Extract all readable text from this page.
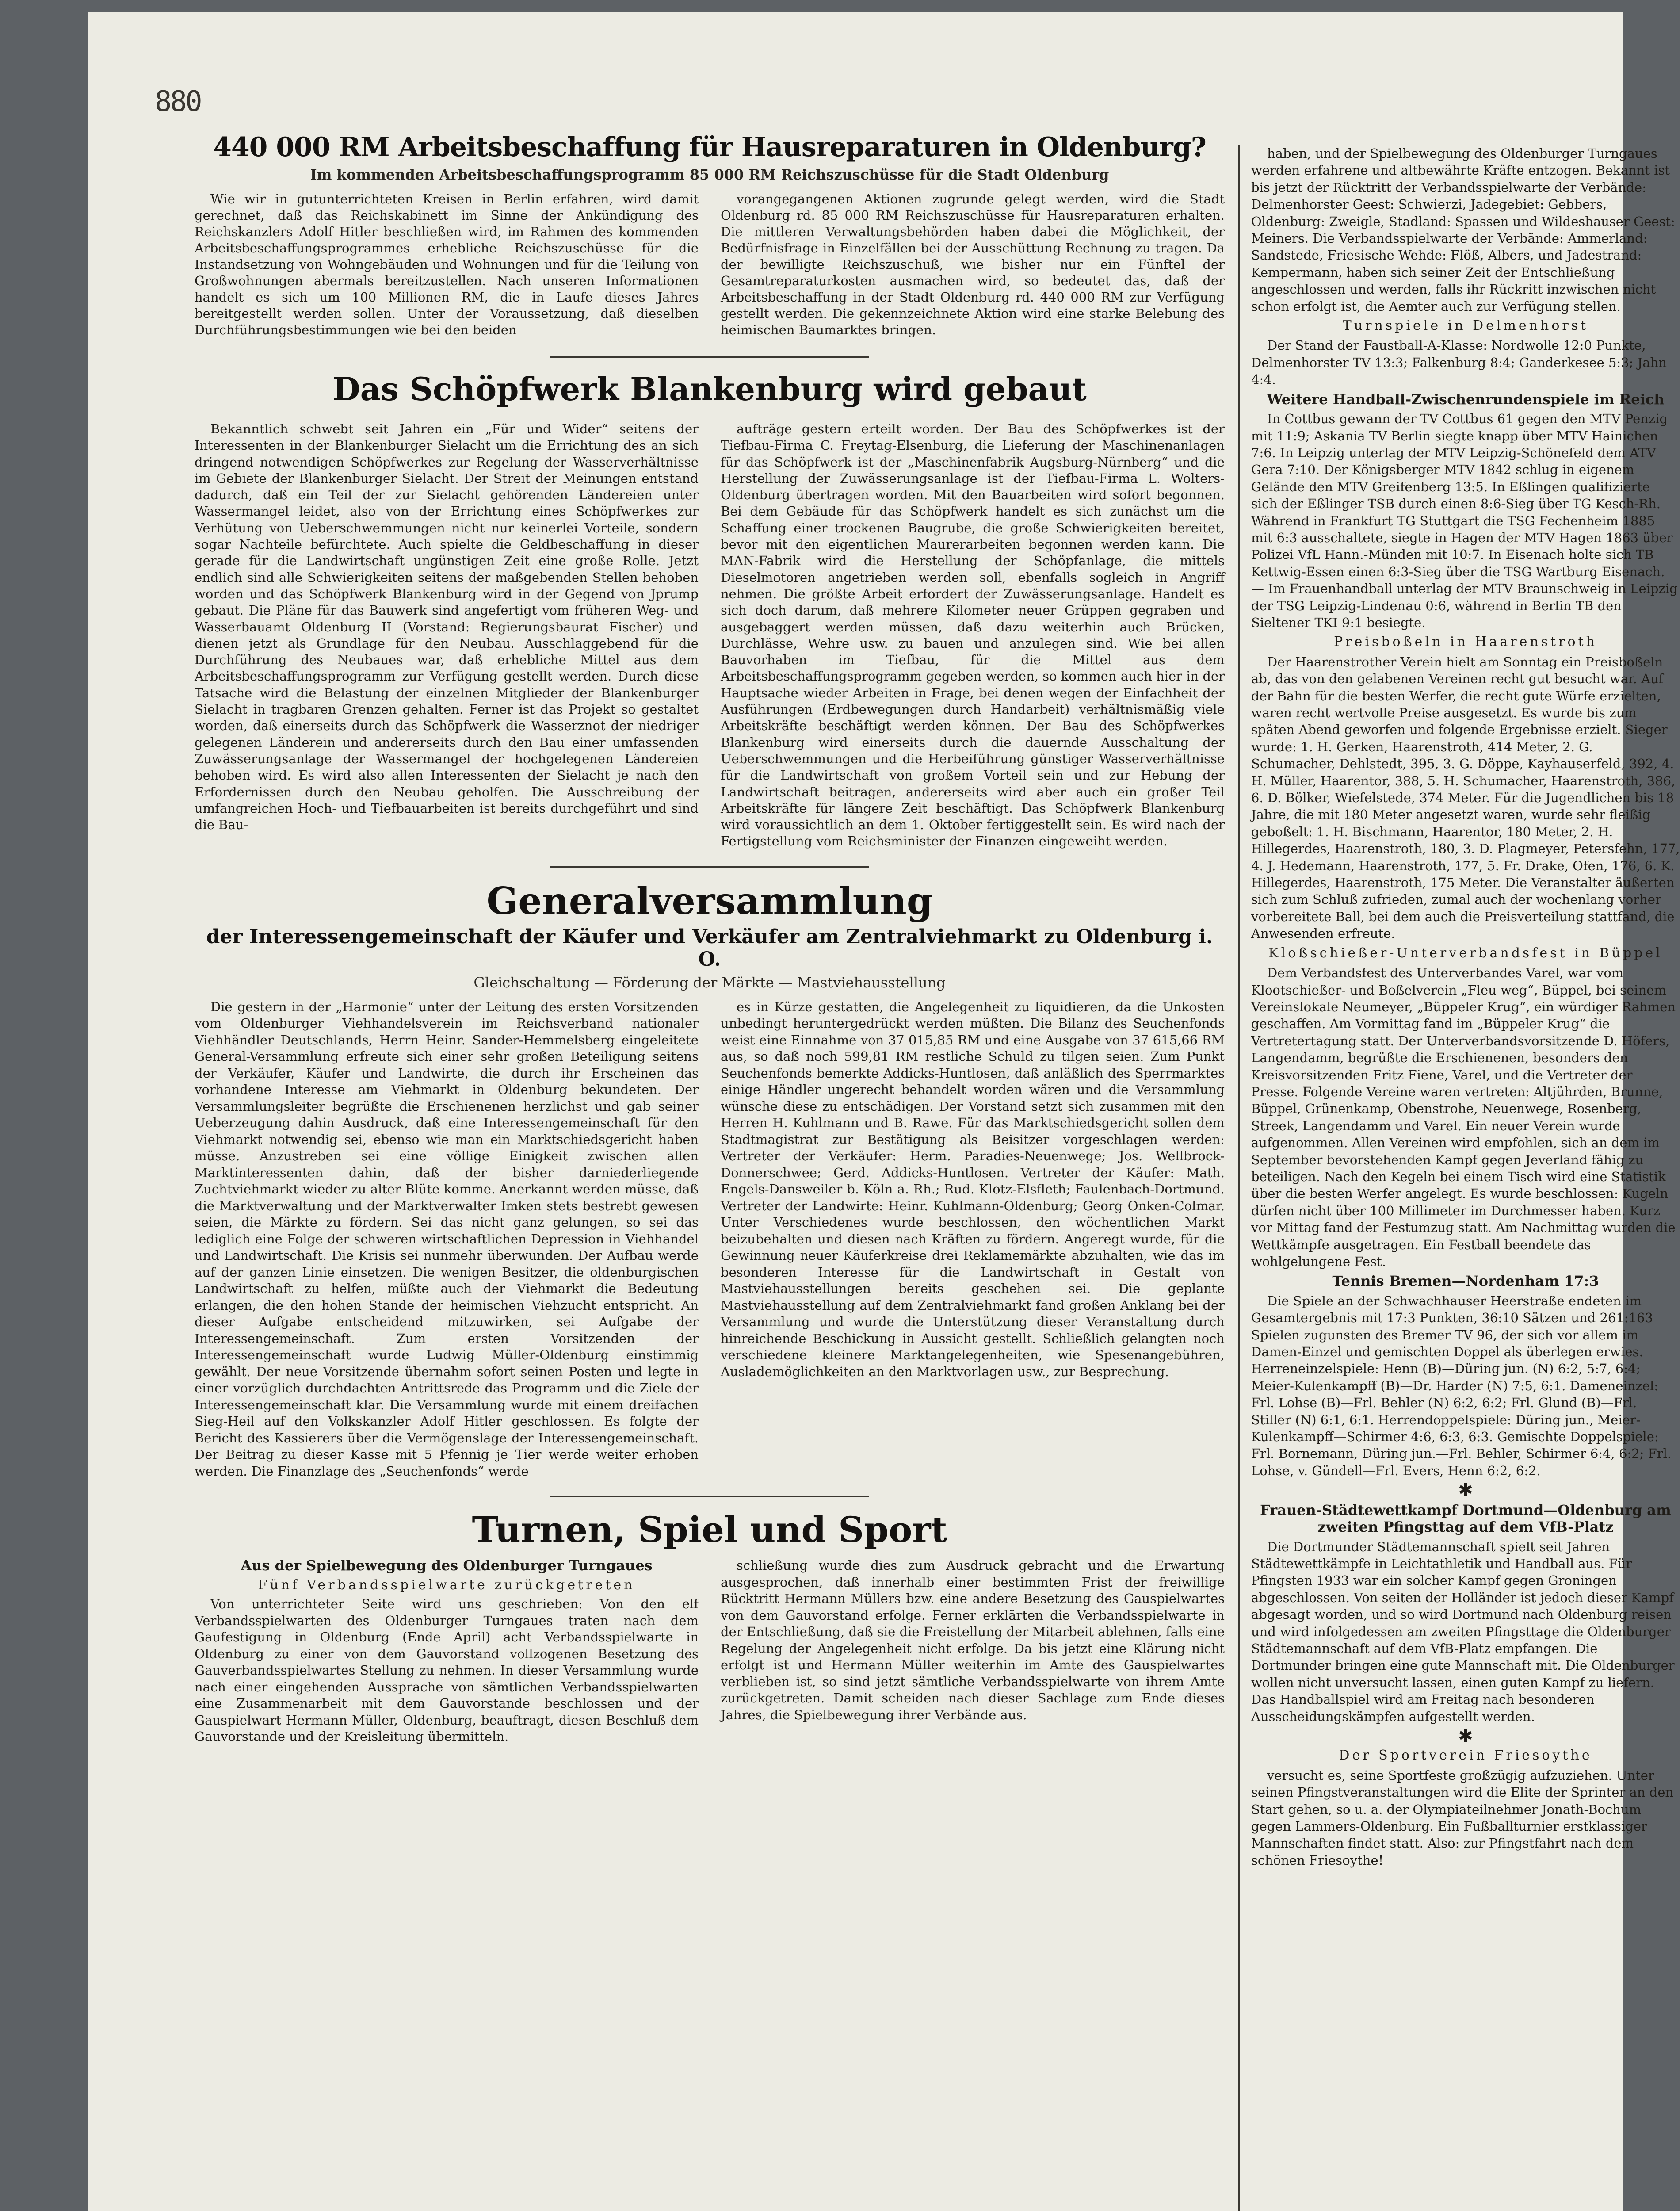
880
440 000 RM Arbeitsbeschaffung für Hausreparaturen in Oldenburg?
Im kommenden Arbeitsbeschaffungsprogramm 85 000 RM Reichszuschüsse für die Stadt Oldenburg

Wie wir in gutunterrichteten Kreisen in Berlin erfahren, wird damit gerechnet, daß das Reichskabinett im Sinne der Ankündigung des Reichskanzlers Adolf Hitler beschließen wird, im Rahmen des kommenden Arbeitsbeschaffungsprogrammes erhebliche Reichszuschüsse für die Instandsetzung von Wohngebäuden und Wohnungen und für die Teilung von Großwohnungen abermals bereitzustellen. Nach unseren Informationen handelt es sich um 100 Millionen RM, die in Laufe dieses Jahres bereitgestellt werden sollen. Unter der Voraussetzung, daß dieselben Durchführungsbestimmungen wie bei den beiden

vorangegangenen Aktionen zugrunde gelegt werden, wird die Stadt Oldenburg rd. 85 000 RM Reichszuschüsse für Hausreparaturen erhalten. Die mittleren Verwaltungsbehörden haben dabei die Möglichkeit, der Bedürfnisfrage in Einzelfällen bei der Ausschüttung Rechnung zu tragen. Da der bewilligte Reichszuschuß, wie bisher nur ein Fünftel der Gesamtreparaturkosten ausmachen wird, so bedeutet das, daß der Arbeitsbeschaffung in der Stadt Oldenburg rd. 440 000 RM zur Verfügung gestellt werden. Die gekennzeichnete Aktion wird eine starke Belebung des heimischen Baumarktes bringen.

Das Schöpfwerk Blankenburg wird gebaut

Bekanntlich schwebt seit Jahren ein „Für und Wider“ seitens der Interessenten in der Blankenburger Sielacht um die Errichtung des an sich dringend notwendigen Schöpfwerkes zur Regelung der Wasserverhältnisse im Gebiete der Blankenburger Sielacht. Der Streit der Meinungen entstand dadurch, daß ein Teil der zur Sielacht gehörenden Ländereien unter Wassermangel leidet, also von der Errichtung eines Schöpfwerkes zur Verhütung von Ueberschwemmungen nicht nur keinerlei Vorteile, sondern sogar Nachteile befürchtete. Auch spielte die Geldbeschaffung in dieser gerade für die Landwirtschaft ungünstigen Zeit eine große Rolle. Jetzt endlich sind alle Schwierigkeiten seitens der maßgebenden Stellen behoben worden und das Schöpfwerk Blankenburg wird in der Gegend von Jprump gebaut. Die Pläne für das Bauwerk sind angefertigt vom früheren Weg- und Wasserbauamt Oldenburg II (Vorstand: Regierungsbaurat Fischer) und dienen jetzt als Grundlage für den Neubau. Ausschlaggebend für die Durchführung des Neubaues war, daß erhebliche Mittel aus dem Arbeitsbeschaffungsprogramm zur Verfügung gestellt werden. Durch diese Tatsache wird die Belastung der einzelnen Mitglieder der Blankenburger Sielacht in tragbaren Grenzen gehalten. Ferner ist das Projekt so gestaltet worden, daß einerseits durch das Schöpfwerk die Wasserznot der niedriger gelegenen Länderein und andererseits durch den Bau einer umfassenden Zuwässerungsanlage der Wassermangel der hochgelegenen Ländereien behoben wird. Es wird also allen Interessenten der Sielacht je nach den Erfordernissen durch den Neubau geholfen. Die Ausschreibung der umfangreichen Hoch- und Tiefbauarbeiten ist bereits durchgeführt und sind die Bau-

aufträge gestern erteilt worden. Der Bau des Schöpfwerkes ist der Tiefbau-Firma C. Freytag-Elsenburg, die Lieferung der Maschinenanlagen für das Schöpfwerk ist der „Maschinenfabrik Augsburg-Nürnberg“ und die Herstellung der Zuwässerungsanlage ist der Tiefbau-Firma L. Wolters-Oldenburg übertragen worden. Mit den Bauarbeiten wird sofort begonnen. Bei dem Gebäude für das Schöpfwerk handelt es sich zunächst um die Schaffung einer trockenen Baugrube, die große Schwierigkeiten bereitet, bevor mit den eigentlichen Maurerarbeiten begonnen werden kann. Die MAN-Fabrik wird die Herstellung der Schöpfanlage, die mittels Dieselmotoren angetrieben werden soll, ebenfalls sogleich in Angriff nehmen. Die größte Arbeit erfordert der Zuwässerungsanlage. Handelt es sich doch darum, daß mehrere Kilometer neuer Grüppen gegraben und ausgebaggert werden müssen, daß dazu weiterhin auch Brücken, Durchlässe, Wehre usw. zu bauen und anzulegen sind. Wie bei allen Bauvorhaben im Tiefbau, für die Mittel aus dem Arbeitsbeschaffungsprogramm gegeben werden, so kommen auch hier in der Hauptsache wieder Arbeiten in Frage, bei denen wegen der Einfachheit der Ausführungen (Erdbewegungen durch Handarbeit) verhältnismäßig viele Arbeitskräfte beschäftigt werden können. Der Bau des Schöpfwerkes Blankenburg wird einerseits durch die dauernde Ausschaltung der Ueberschwemmungen und die Herbeiführung günstiger Wasserverhältnisse für die Landwirtschaft von großem Vorteil sein und zur Hebung der Landwirtschaft beitragen, andererseits wird aber auch ein großer Teil Arbeitskräfte für längere Zeit beschäftigt. Das Schöpfwerk Blankenburg wird voraussichtlich an dem 1. Oktober fertiggestellt sein. Es wird nach der Fertigstellung vom Reichsminister der Finanzen eingeweiht werden.

Generalversammlung
der Interessengemeinschaft der Käufer und Verkäufer am Zentralviehmarkt zu Oldenburg i. O.
Gleichschaltung — Förderung der Märkte — Mastviehausstellung

Die gestern in der „Harmonie“ unter der Leitung des ersten Vorsitzenden vom Oldenburger Viehhandelsverein im Reichsverband nationaler Viehhändler Deutschlands, Herrn Heinr. Sander-Hemmelsberg eingeleitete General-Versammlung erfreute sich einer sehr großen Beteiligung seitens der Verkäufer, Käufer und Landwirte, die durch ihr Erscheinen das vorhandene Interesse am Viehmarkt in Oldenburg bekundeten. Der Versammlungsleiter begrüßte die Erschienenen herzlichst und gab seiner Ueberzeugung dahin Ausdruck, daß eine Interessengemeinschaft für den Viehmarkt notwendig sei, ebenso wie man ein Marktschiedsgericht haben müsse. Anzustreben sei eine völlige Einigkeit zwischen allen Marktinteressenten dahin, daß der bisher darniederliegende Zuchtviehmarkt wieder zu alter Blüte komme. Anerkannt werden müsse, daß die Marktverwaltung und der Marktverwalter Imken stets bestrebt gewesen seien, die Märkte zu fördern. Sei das nicht ganz gelungen, so sei das lediglich eine Folge der schweren wirtschaftlichen Depression in Viehhandel und Landwirtschaft. Die Krisis sei nunmehr überwunden. Der Aufbau werde auf der ganzen Linie einsetzen. Die wenigen Besitzer, die oldenburgischen Landwirtschaft zu helfen, müßte auch der Viehmarkt die Bedeutung erlangen, die den hohen Stande der heimischen Viehzucht entspricht. An dieser Aufgabe entscheidend mitzuwirken, sei Aufgabe der Interessengemeinschaft. Zum ersten Vorsitzenden der Interessengemeinschaft wurde Ludwig Müller-Oldenburg einstimmig gewählt. Der neue Vorsitzende übernahm sofort seinen Posten und legte in einer vorzüglich durchdachten Antrittsrede das Programm und die Ziele der Interessengemeinschaft klar. Die Versammlung wurde mit einem dreifachen Sieg-Heil auf den Volkskanzler Adolf Hitler geschlossen. Es folgte der Bericht des Kassierers über die Vermögenslage der Interessengemeinschaft. Der Beitrag zu dieser Kasse mit 5 Pfennig je Tier werde weiter erhoben werden. Die Finanzlage des „Seuchenfonds“ werde

es in Kürze gestatten, die Angelegenheit zu liquidieren, da die Unkosten unbedingt heruntergedrückt werden müßten. Die Bilanz des Seuchenfonds weist eine Einnahme von 37 015,85 RM und eine Ausgabe von 37 615,66 RM aus, so daß noch 599,81 RM restliche Schuld zu tilgen seien. Zum Punkt Seuchenfonds bemerkte Addicks-Huntlosen, daß anläßlich des Sperrmarktes einige Händler ungerecht behandelt worden wären und die Versammlung wünsche diese zu entschädigen. Der Vorstand setzt sich zusammen mit den Herren H. Kuhlmann und B. Rawe. Für das Marktschiedsgericht sollen dem Stadtmagistrat zur Bestätigung als Beisitzer vorgeschlagen werden: Vertreter der Verkäufer: Herm. Paradies-Neuenwege; Jos. Wellbrock-Donnerschwee; Gerd. Addicks-Huntlosen. Vertreter der Käufer: Math. Engels-Dansweiler b. Köln a. Rh.; Rud. Klotz-Elsfleth; Faulenbach-Dortmund. Vertreter der Landwirte: Heinr. Kuhlmann-Oldenburg; Georg Onken-Colmar. Unter Verschiedenes wurde beschlossen, den wöchentlichen Markt beizubehalten und diesen nach Kräften zu fördern. Angeregt wurde, für die Gewinnung neuer Käuferkreise drei Reklamemärkte abzuhalten, wie das im besonderen Interesse für die Landwirtschaft in Gestalt von Mastviehausstellungen bereits geschehen sei. Die geplante Mastviehausstellung auf dem Zentralviehmarkt fand großen Anklang bei der Versammlung und wurde die Unterstützung dieser Veranstaltung durch hinreichende Beschickung in Aussicht gestellt. Schließlich gelangten noch verschiedene kleinere Marktangelegenheiten, wie Spesenangebühren, Auslademöglichkeiten an den Marktvorlagen usw., zur Besprechung.

Turnen, Spiel und Sport

Aus der Spielbewegung des Oldenburger Turngaues

Fünf Verbandsspielwarte zurückgetreten

Von unterrichteter Seite wird uns geschrieben: Von den elf Verbandsspielwarten des Oldenburger Turngaues traten nach dem Gaufestigung in Oldenburg (Ende April) acht Verbandsspielwarte in Oldenburg zu einer von dem Gauvorstand vollzogenen Besetzung des Gauverbandsspielwartes Stellung zu nehmen. In dieser Versammlung wurde nach einer eingehenden Aussprache von sämtlichen Verbandsspielwarten eine Zusammenarbeit mit dem Gauvorstande beschlossen und der Gauspielwart Hermann Müller, Oldenburg, beauftragt, diesen Beschluß dem Gauvorstande und der Kreisleitung übermitteln.

schließung wurde dies zum Ausdruck gebracht und die Erwartung ausgesprochen, daß innerhalb einer bestimmten Frist der freiwillige Rücktritt Hermann Müllers bzw. eine andere Besetzung des Gauspielwartes von dem Gauvorstand erfolge. Ferner erklärten die Verbandsspielwarte in der Entschließung, daß sie die Freistellung der Mitarbeit ablehnen, falls eine Regelung der Angelegenheit nicht erfolge. Da bis jetzt eine Klärung nicht erfolgt ist und Hermann Müller weiterhin im Amte des Gauspielwartes verblieben ist, so sind jetzt sämtliche Verbandsspielwarte von ihrem Amte zurückgetreten. Damit scheiden nach dieser Sachlage zum Ende dieses Jahres, die Spielbewegung ihrer Verbände aus.

haben, und der Spielbewegung des Oldenburger Turngaues werden erfahrene und altbewährte Kräfte entzogen. Bekannt ist bis jetzt der Rücktritt der Verbandsspielwarte der Verbände: Delmenhorster Geest: Schwierzi, Jadegebiet: Gebbers, Oldenburg: Zweigle, Stadland: Spassen und Wildeshauser Geest: Meiners. Die Verbandsspielwarte der Verbände: Ammerland: Sandstede, Friesische Wehde: Flöß, Albers, und Jadestrand: Kempermann, haben sich seiner Zeit der Entschließung angeschlossen und werden, falls ihr Rückritt inzwischen nicht schon erfolgt ist, die Aemter auch zur Verfügung stellen.

Turnspiele in Delmenhorst

Der Stand der Faustball-A-Klasse: Nordwolle 12:0 Punkte, Delmenhorster TV 13:3; Falkenburg 8:4; Ganderkesee 5:3; Jahn 4:4.

Weitere Handball-Zwischenrundenspiele im Reich

In Cottbus gewann der TV Cottbus 61 gegen den MTV Penzig mit 11:9; Askania TV Berlin siegte knapp über MTV Hainichen 7:6. In Leipzig unterlag der MTV Leipzig-Schönefeld dem ATV Gera 7:10. Der Königsberger MTV 1842 schlug in eigenem Gelände den MTV Greifenberg 13:5. In Eßlingen qualifizierte sich der Eßlinger TSB durch einen 8:6-Sieg über TG Kesch-Rh. Während in Frankfurt TG Stuttgart die TSG Fechenheim 1885 mit 6:3 ausschaltete, siegte in Hagen der MTV Hagen 1863 über Polizei VfL Hann.-Münden mit 10:7. In Eisenach holte sich TB Kettwig-Essen einen 6:3-Sieg über die TSG Wartburg Eisenach. — Im Frauenhandball unterlag der MTV Braunschweig in Leipzig der TSG Leipzig-Lindenau 0:6, während in Berlin TB den Sieltener TKI 9:1 besiegte.

Preisboßeln in Haarenstroth

Der Haarenstrother Verein hielt am Sonntag ein Preisboßeln ab, das von den gelabenen Vereinen recht gut besucht war. Auf der Bahn für die besten Werfer, die recht gute Würfe erzielten, waren recht wertvolle Preise ausgesetzt. Es wurde bis zum späten Abend geworfen und folgende Ergebnisse erzielt. Sieger wurde: 1. H. Gerken, Haarenstroth, 414 Meter, 2. G. Schumacher, Dehlstedt, 395, 3. G. Döppe, Kayhauserfeld, 392, 4. H. Müller, Haarentor, 388, 5. H. Schumacher, Haarenstroth, 386, 6. D. Bölker, Wiefelstede, 374 Meter. Für die Jugendlichen bis 18 Jahre, die mit 180 Meter angesetzt waren, wurde sehr fleißig geboßelt: 1. H. Bischmann, Haarentor, 180 Meter, 2. H. Hillegerdes, Haarenstroth, 180, 3. D. Plagmeyer, Petersfehn, 177, 4. J. Hedemann, Haarenstroth, 177, 5. Fr. Drake, Ofen, 176, 6. K. Hillegerdes, Haarenstroth, 175 Meter. Die Veranstalter äußerten sich zum Schluß zufrieden, zumal auch der wochenlang vorher vorbereitete Ball, bei dem auch die Preisverteilung stattfand, die Anwesenden erfreute.

Kloßschießer-Unterverbandsfest in Büppel

Dem Verbandsfest des Unterverbandes Varel, war vom Klootschießer- und Boßelverein „Fleu weg“, Büppel, bei seinem Vereinslokale Neumeyer, „Büppeler Krug“, ein würdiger Rahmen geschaffen. Am Vormittag fand im „Büppeler Krug“ die Vertretertagung statt. Der Unterverbandsvorsitzende D. Höfers, Langendamm, begrüßte die Erschienenen, besonders den Kreisvorsitzenden Fritz Fiene, Varel, und die Vertreter der Presse. Folgende Vereine waren vertreten: Altjührden, Brunne, Büppel, Grünenkamp, Obenstrohe, Neuenwege, Rosenberg, Streek, Langendamm und Varel. Ein neuer Verein wurde aufgenommen. Allen Vereinen wird empfohlen, sich an dem im September bevorstehenden Kampf gegen Jeverland fähig zu beteiligen. Nach den Kegeln bei einem Tisch wird eine Statistik über die besten Werfer angelegt. Es wurde beschlossen: Kugeln dürfen nicht über 100 Millimeter im Durchmesser haben. Kurz vor Mittag fand der Festumzug statt. Am Nachmittag wurden die Wettkämpfe ausgetragen. Ein Festball beendete das wohlgelungene Fest.

Tennis Bremen—Nordenham 17:3

Die Spiele an der Schwachhauser Heerstraße endeten im Gesamtergebnis mit 17:3 Punkten, 36:10 Sätzen und 261:163 Spielen zugunsten des Bremer TV 96, der sich vor allem im Damen-Einzel und gemischten Doppel als überlegen erwies. Herreneinzelspiele: Henn (B)—Düring jun. (N) 6:2, 5:7, 6:4; Meier-Kulenkampff (B)—Dr. Harder (N) 7:5, 6:1. Dameneinzel: Frl. Lohse (B)—Frl. Behler (N) 6:2, 6:2; Frl. Glund (B)—Frl. Stiller (N) 6:1, 6:1. Herrendoppelspiele: Düring jun., Meier-Kulenkampff—Schirmer 4:6, 6:3, 6:3. Gemischte Doppelspiele: Frl. Bornemann, Düring jun.—Frl. Behler, Schirmer 6:4, 6:2; Frl. Lohse, v. Gündell—Frl. Evers, Henn 6:2, 6:2.

✱

Frauen-Städtewettkampf Dortmund—Oldenburg am zweiten Pfingsttag auf dem VfB-Platz

Die Dortmunder Städtemannschaft spielt seit Jahren Städtewettkämpfe in Leichtathletik und Handball aus. Für Pfingsten 1933 war ein solcher Kampf gegen Groningen abgeschlossen. Von seiten der Holländer ist jedoch dieser Kampf abgesagt worden, und so wird Dortmund nach Oldenburg reisen und wird infolgedessen am zweiten Pfingsttage die Oldenburger Städtemannschaft auf dem VfB-Platz empfangen. Die Dortmunder bringen eine gute Mannschaft mit. Die Oldenburger wollen nicht unversucht lassen, einen guten Kampf zu liefern. Das Handballspiel wird am Freitag nach besonderen Ausscheidungskämpfen aufgestellt werden.

✱

Der Sportverein Friesoythe

versucht es, seine Sportfeste großzügig aufzuziehen. Unter seinen Pfingstveranstaltungen wird die Elite der Sprinter an den Start gehen, so u. a. der Olympiateilnehmer Jonath-Bochum gegen Lammers-Oldenburg. Ein Fußballturnier erstklassiger Mannschaften findet statt. Also: zur Pfingstfahrt nach dem schönen Friesoythe!
